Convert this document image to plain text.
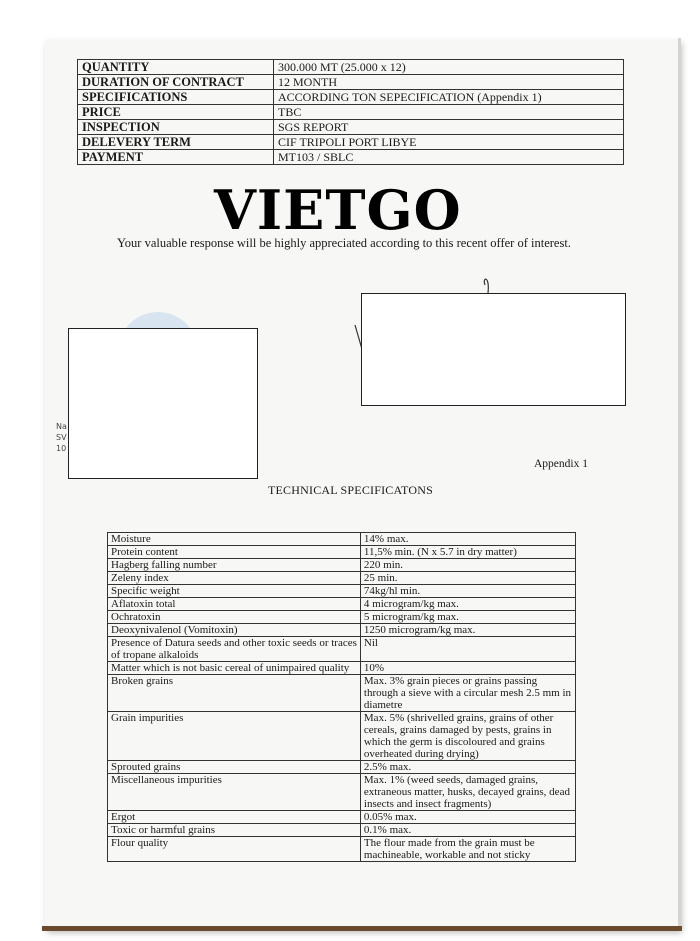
QUANTITY	300.000 MT (25.000 x 12)
DURATION OF CONTRACT	12 MONTH
SPECIFICATIONS	ACCORDING TON SEPECIFICATION (Appendix 1)
PRICE	TBC
INSPECTION	SGS REPORT
DELEVERY TERM	CIF TRIPOLI PORT LIBYE
PAYMENT	MT103 / SBLC
VIETGO
Your valuable response will be highly appreciated according to this recent offer of interest.
Na
SV
10
Appendix 1
TECHNICAL SPECIFICATONS
Moisture	14% max.
Protein content	11,5% min. (N x 5.7 in dry matter)
Hagberg falling number	220 min.
Zeleny index	25 min.
Specific weight	74kg/hl min.
Aflatoxin total	4 microgram/kg max.
Ochratoxin	5 microgram/kg max.
Deoxynivalenol (Vomitoxin)	1250 microgram/kg max.
Presence of Datura seeds and other toxic seeds or traces of tropane alkaloids	Nil
Matter which is not basic cereal of unimpaired quality	10%
Broken grains	Max. 3% grain pieces or grains passing through a sieve with a circular mesh 2.5 mm in diametre
Grain impurities	Max. 5% (shrivelled grains, grains of other cereals, grains damaged by pests, grains in which the germ is discoloured and grains overheated during drying)
Sprouted grains	2.5% max.
Miscellaneous impurities	Max. 1% (weed seeds, damaged grains, extraneous matter, husks, decayed grains, dead insects and insect fragments)
Ergot	0.05% max.
Toxic or harmful grains	0.1% max.
Flour quality	The flour made from the grain must be machineable, workable and not sticky
